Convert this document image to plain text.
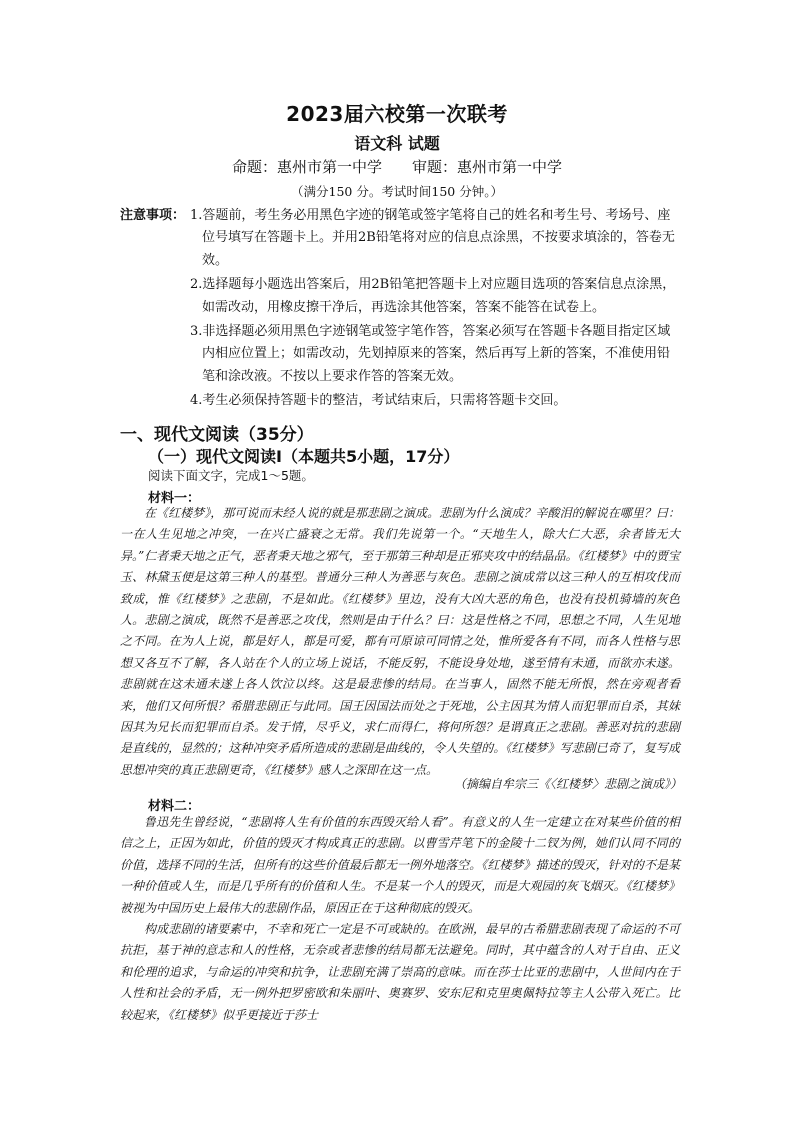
2023届六校第一次联考
语文科 试题
命题：惠州市第一中学 审题：惠州市第一中学
（满分150 分。考试时间150 分钟。）
注意事项： 1.答题前，考生务必用黑色字迹的钢笔或签字笔将自己的姓名和考生号、考场号、座位号填写在答题卡上。并用2B铅笔将对应的信息点涂黑，不按要求填涂的，答卷无效。
2.选择题每小题选出答案后，用2B铅笔把答题卡上对应题目选项的答案信息点涂黑，如需改动，用橡皮擦干净后，再选涂其他答案，答案不能答在试卷上。
3.非选择题必须用黑色字迹钢笔或签字笔作答，答案必须写在答题卡各题目指定区域内相应位置上；如需改动，先划掉原来的答案，然后再写上新的答案，不准使用铅笔和涂改液。不按以上要求作答的答案无效。
4.考生必须保持答题卡的整洁，考试结束后，只需将答题卡交回。
一、现代文阅读（35分）
（一）现代文阅读Ⅰ（本题共5小题，17分）
阅读下面文字，完成1～5题。
材料一：

在《红楼梦》，那可说而未经人说的就是那悲剧之演成。悲剧为什么演成？辛酸泪的解说在哪里？曰：一在人生见地之冲突，一在兴亡盛衰之无常。我们先说第一个。“天地生人，除大仁大恶，余者皆无大异。”仁者秉天地之正气，恶者秉天地之邪气，至于那第三种却是正邪夹攻中的结晶品。《红楼梦》中的贾宝玉、林黛玉便是这第三种人的基型。普通分三种人为善恶与灰色。悲剧之演成常以这三种人的互相攻伐而致成，惟《红楼梦》之悲剧，不是如此。《红楼梦》里边，没有大凶大恶的角色，也没有投机骑墙的灰色人。悲剧之演成，既然不是善恶之攻伐，然则是由于什么？曰：这是性格之不同，思想之不同，人生见地之不同。在为人上说，都是好人，都是可爱，都有可原谅可同情之处，惟所爱各有不同，而各人性格与思想又各互不了解，各人站在个人的立场上说话，不能反躬，不能设身处地，遂至情有未通，而欲亦未遂。悲剧就在这未通未遂上各人饮泣以终。这是最悲惨的结局。在当事人，固然不能无所恨，然在旁观者看来，他们又何所恨？希腊悲剧正与此同。国王因国法而处之于死地，公主因其为情人而犯罪而自杀，其妹因其为兄长而犯罪而自杀。发于情，尽乎义，求仁而得仁，将何所怨？是谓真正之悲剧。善恶对抗的悲剧是直线的，显然的；这种冲突矛盾所造成的悲剧是曲线的，令人失望的。《红楼梦》写悲剧已奇了，复写成思想冲突的真正悲剧更奇，《红楼梦》感人之深即在这一点。

（摘编自牟宗三《〈红楼梦〉悲剧之演成》）
材料二：

鲁迅先生曾经说，“悲剧将人生有价值的东西毁灭给人看”。有意义的人生一定建立在对某些价值的相信之上，正因为如此，价值的毁灭才构成真正的悲剧。以曹雪芹笔下的金陵十二钗为例，她们认同不同的价值，选择不同的生活，但所有的这些价值最后都无一例外地落空。《红楼梦》描述的毁灭，针对的不是某一种价值或人生，而是几乎所有的价值和人生。不是某一个人的毁灭，而是大观园的灰飞烟灭。《红楼梦》被视为中国历史上最伟大的悲剧作品，原因正在于这种彻底的毁灭。

构成悲剧的诸要素中，不幸和死亡一定是不可或缺的。在欧洲，最早的古希腊悲剧表现了命运的不可抗拒，基于神的意志和人的性格，无奈或者悲惨的结局都无法避免。同时，其中蕴含的人对于自由、正义和伦理的追求，与命运的冲突和抗争，让悲剧充满了崇高的意味。而在莎士比亚的悲剧中，人世间内在于人性和社会的矛盾，无一例外把罗密欧和朱丽叶、奥赛罗、安东尼和克里奥佩特拉等主人公带入死亡。比较起来，《红楼梦》似乎更接近于莎士
